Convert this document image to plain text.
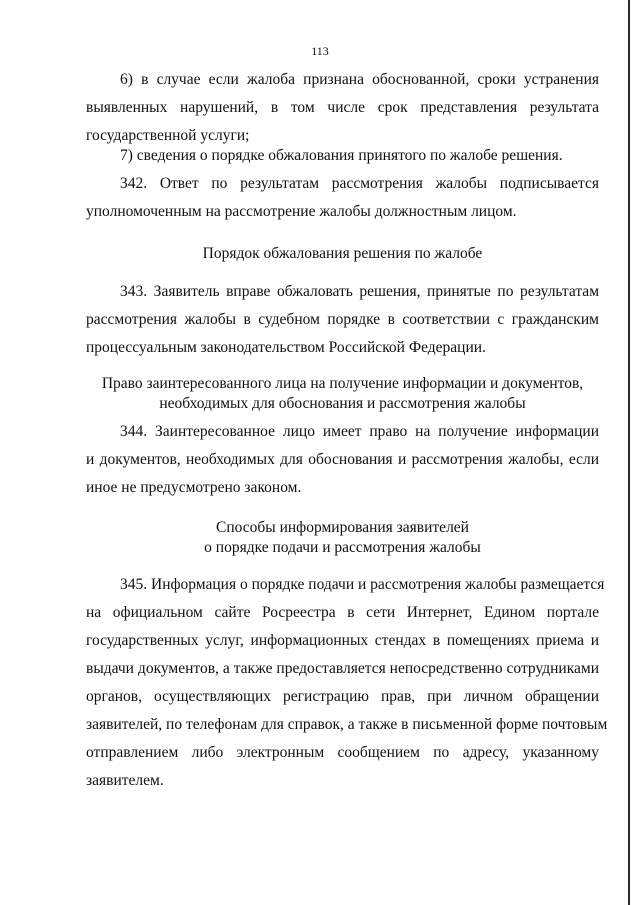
113
6) в случае если жалоба признана обоснованной, сроки устранения
выявленных нарушений, в том числе срок представления результата
государственной услуги;
7) сведения о порядке обжалования принятого по жалобе решения.
342. Ответ по результатам рассмотрения жалобы подписывается
уполномоченным на рассмотрение жалобы должностным лицом.
Порядок обжалования решения по жалобе
343. Заявитель вправе обжаловать решения, принятые по результатам
рассмотрения жалобы в судебном порядке в соответствии с гражданским
процессуальным законодательством Российской Федерации.
Право заинтересованного лица на получение информации и документов,
необходимых для обоснования и рассмотрения жалобы
344. Заинтересованное лицо имеет право на получение информации
и документов, необходимых для обоснования и рассмотрения жалобы, если
иное не предусмотрено законом.
Способы информирования заявителей
о порядке подачи и рассмотрения жалобы
345. Информация о порядке подачи и рассмотрения жалобы размещается
на официальном сайте Росреестра в сети Интернет, Едином портале
государственных услуг, информационных стендах в помещениях приема и
выдачи документов, а также предоставляется непосредственно сотрудниками
органов, осуществляющих регистрацию прав, при личном обращении
заявителей, по телефонам для справок, а также в письменной форме почтовым
отправлением либо электронным сообщением по адресу, указанному
заявителем.
